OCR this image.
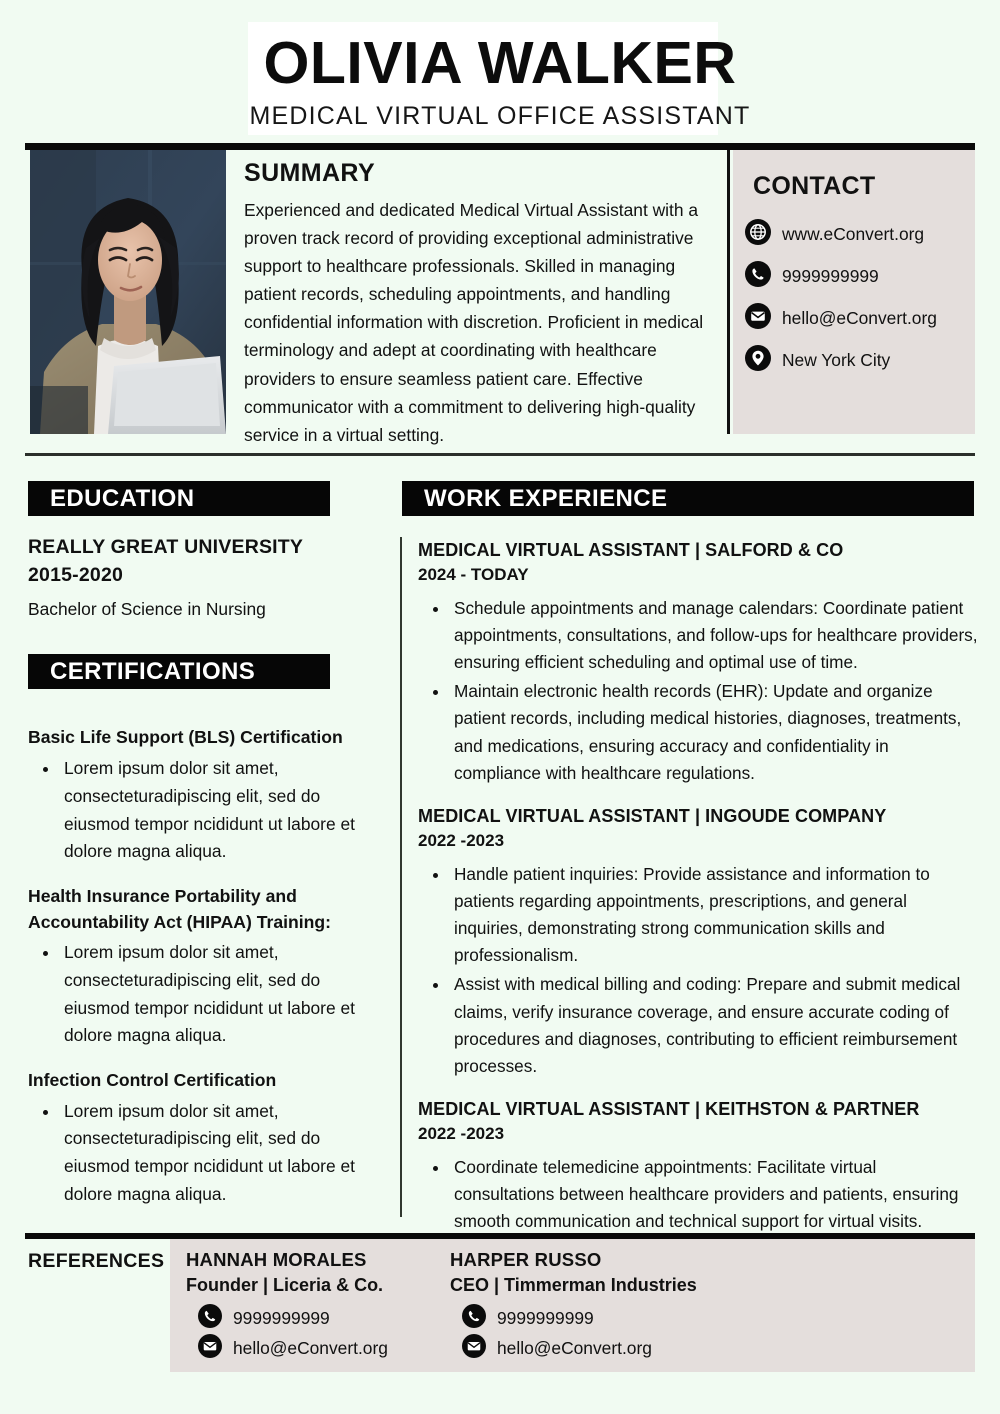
OLIVIA WALKER
MEDICAL VIRTUAL OFFICE ASSISTANT
SUMMARY
Experienced and dedicated Medical Virtual Assistant with a proven track record of providing exceptional administrative support to healthcare professionals. Skilled in managing patient records, scheduling appointments, and handling confidential information with discretion. Proficient in medical terminology and adept at coordinating with healthcare providers to ensure seamless patient care. Effective communicator with a commitment to delivering high-quality service in a virtual setting.
CONTACT
www.eConvert.org
9999999999
hello@eConvert.org
New York City
EDUCATION
CERTIFICATIONS
WORK EXPERIENCE
REALLY GREAT UNIVERSITY
2015-2020
Bachelor of Science in Nursing
Basic Life Support (BLS) Certification
• Lorem ipsum dolor sit amet, consecteturadipiscing elit, sed do eiusmod tempor ncididunt ut labore et dolore magna aliqua.
Health Insurance Portability and Accountability Act (HIPAA) Training:
• Lorem ipsum dolor sit amet, consecteturadipiscing elit, sed do eiusmod tempor ncididunt ut labore et dolore magna aliqua.
Infection Control Certification
• Lorem ipsum dolor sit amet, consecteturadipiscing elit, sed do eiusmod tempor ncididunt ut labore et dolore magna aliqua.
MEDICAL VIRTUAL ASSISTANT | SALFORD & CO
2024 - TODAY
• Schedule appointments and manage calendars: Coordinate patient appointments, consultations, and follow-ups for healthcare providers, ensuring efficient scheduling and optimal use of time.
• Maintain electronic health records (EHR): Update and organize patient records, including medical histories, diagnoses, treatments, and medications, ensuring accuracy and confidentiality in compliance with healthcare regulations.
MEDICAL VIRTUAL ASSISTANT | INGOUDE COMPANY
2022 -2023
• Handle patient inquiries: Provide assistance and information to patients regarding appointments, prescriptions, and general inquiries, demonstrating strong communication skills and professionalism.
• Assist with medical billing and coding: Prepare and submit medical claims, verify insurance coverage, and ensure accurate coding of procedures and diagnoses, contributing to efficient reimbursement processes.
MEDICAL VIRTUAL ASSISTANT | KEITHSTON & PARTNER
2022 -2023
• Coordinate telemedicine appointments: Facilitate virtual consultations between healthcare providers and patients, ensuring smooth communication and technical support for virtual visits.
REFERENCES HANNAH MORALES
Founder | Liceria & Co.
9999999999
hello@eConvert.org
HARPER RUSSO
CEO | Timmerman Industries
9999999999
hello@eConvert.org
